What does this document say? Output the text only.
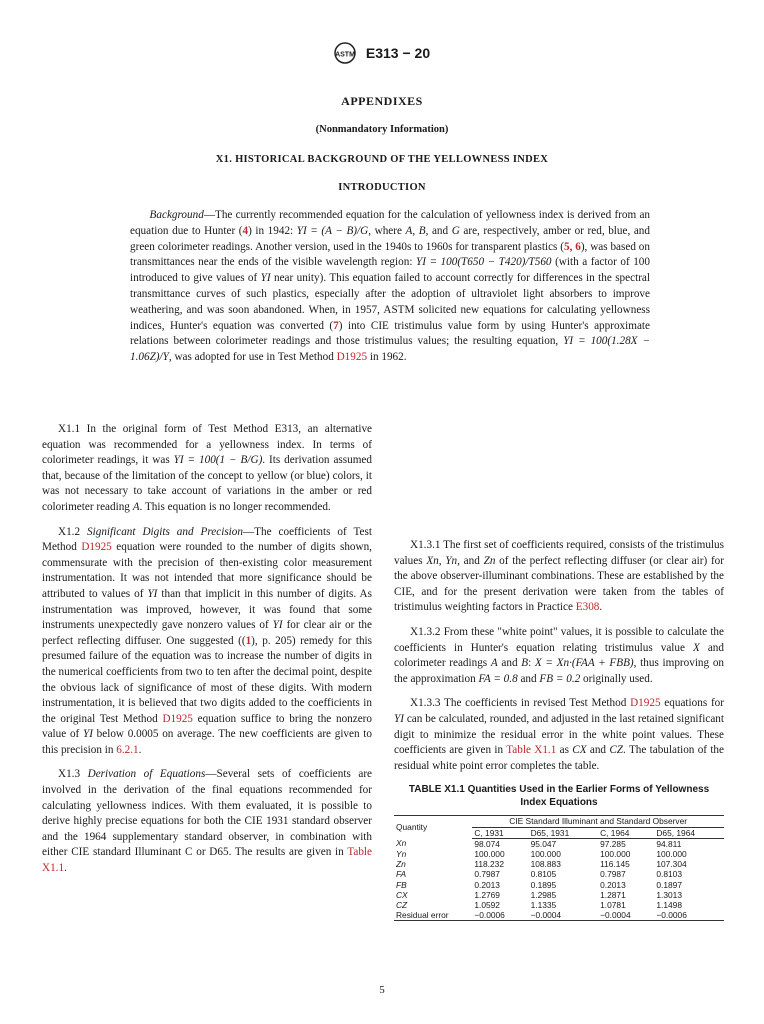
ASTM E313 − 20
APPENDIXES
(Nonmandatory Information)
X1. HISTORICAL BACKGROUND OF THE YELLOWNESS INDEX
INTRODUCTION

Background—The currently recommended equation for the calculation of yellowness index is derived from an equation due to Hunter (4) in 1942: YI = (A − B)/G, where A, B, and G are, respectively, amber or red, blue, and green colorimeter readings. Another version, used in the 1940s to 1960s for transparent plastics (5, 6), was based on transmittances near the ends of the visible wavelength region: YI = 100(T650 − T420)/T560 (with a factor of 100 introduced to give values of YI near unity). This equation failed to account correctly for differences in the spectral transmittance curves of such plastics, especially after the adoption of ultraviolet light absorbers to improve weathering, and was soon abandoned. When, in 1957, ASTM solicited new equations for calculating yellowness indices, Hunter's equation was converted (7) into CIE tristimulus value form by using Hunter's approximate relations between colorimeter readings and those tristimulus values; the resulting equation, YI = 100(1.28X − 1.06Z)/Y, was adopted for use in Test Method D1925 in 1962.

X1.1 In the original form of Test Method E313, an alternative equation was recommended for a yellowness index. In terms of colorimeter readings, it was YI = 100(1 − B/G). Its derivation assumed that, because of the limitation of the concept to yellow (or blue) colors, it was not necessary to take account of variations in the amber or red colorimeter reading A. This equation is no longer recommended.

X1.2 Significant Digits and Precision—The coefficients of Test Method D1925 equation were rounded to the number of digits shown, commensurate with the precision of then-existing color measurement instrumentation. It was not intended that more significance should be attributed to values of YI than that implicit in this number of digits. As instrumentation was improved, however, it was found that some instruments unexpectedly gave nonzero values of YI for clear air or the perfect reflecting diffuser. One suggested ((1), p. 205) remedy for this presumed failure of the equation was to increase the number of digits in the numerical coefficients from two to ten after the decimal point, despite the obvious lack of significance of most of these digits. With modern instrumentation, it is believed that two digits added to the coefficients in the original Test Method D1925 equation suffice to bring the nonzero value of YI below 0.0005 on average. The new coefficients are given to this precision in 6.2.1.

X1.3 Derivation of Equations—Several sets of coefficients are involved in the derivation of the final equations recommended for calculating yellowness indices. With them evaluated, it is possible to derive highly precise equations for both the CIE 1931 standard observer and the 1964 supplementary standard observer, in combination with either CIE standard Illuminant C or D65. The results are given in Table X1.1.

X1.3.1 The first set of coefficients required, consists of the tristimulus values Xn, Yn, and Zn of the perfect reflecting diffuser (or clear air) for the above observer-illuminant combinations. These are established by the CIE, and for the present derivation were taken from the tables of tristimulus weighting factors in Practice E308.

X1.3.2 From these "white point" values, it is possible to calculate the coefficients in Hunter's equation relating tristimulus value X and colorimeter readings A and B: X = Xn·(FAA + FBB), thus improving on the approximation FA = 0.8 and FB = 0.2 originally used.

X1.3.3 The coefficients in revised Test Method D1925 equations for YI can be calculated, rounded, and adjusted in the last retained significant digit to minimize the residual error in the white point values. These coefficients are given in Table X1.1 as CX and CZ. The tabulation of the residual white point error completes the table.

TABLE X1.1 Quantities Used in the Earlier Forms of Yellowness
Index Equations
Quantity	CIE Standard Illuminant and Standard Observer			
	C, 1931	D65, 1931	C, 1964	D65, 1964
Xn	98.074	95.047	97.285	94.811
Yn	100.000	100.000	100.000	100.000
Zn	118.232	108.883	116.145	107.304
FA	0.7987	0.8105	0.7987	0.8103
FB	0.2013	0.1895	0.2013	0.1897
CX	1.2769	1.2985	1.2871	1.3013
CZ	1.0592	1.1335	1.0781	1.1498
Residual error	−0.0006	−0.0004	−0.0004	−0.0006
5
